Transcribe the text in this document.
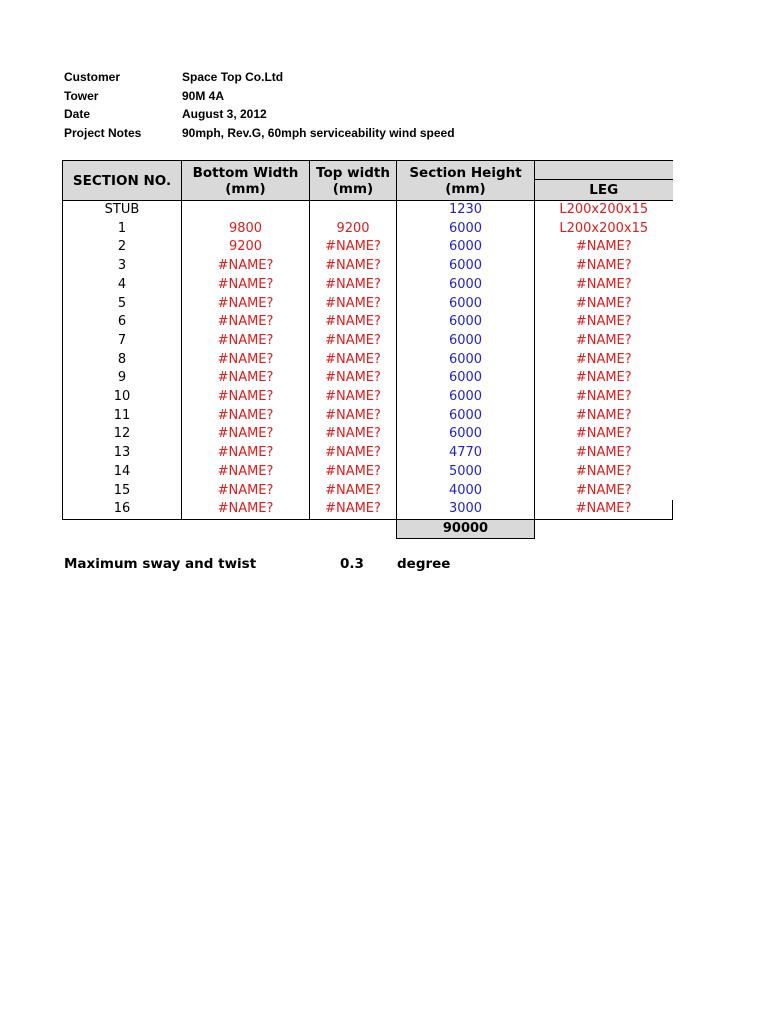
Customer	Space Top Co.Ltd
Tower	90M 4A
Date	August 3, 2012
Project Notes	90mph, Rev.G, 60mph serviceability wind speed
SECTION NO.	Bottom Width (mm)	Top width (mm)	Section Height (mm)	
				LEG
STUB			1230	L200x200x15
1	9800	9200	6000	L200x200x15
2	9200	#NAME?	6000	#NAME?
3	#NAME?	#NAME?	6000	#NAME?
4	#NAME?	#NAME?	6000	#NAME?
5	#NAME?	#NAME?	6000	#NAME?
6	#NAME?	#NAME?	6000	#NAME?
7	#NAME?	#NAME?	6000	#NAME?
8	#NAME?	#NAME?	6000	#NAME?
9	#NAME?	#NAME?	6000	#NAME?
10	#NAME?	#NAME?	6000	#NAME?
11	#NAME?	#NAME?	6000	#NAME?
12	#NAME?	#NAME?	6000	#NAME?
13	#NAME?	#NAME?	4770	#NAME?
14	#NAME?	#NAME?	5000	#NAME?
15	#NAME?	#NAME?	4000	#NAME?
16	#NAME?	#NAME?	3000	#NAME?
			90000	
Maximum sway and twist	0.3 degree
